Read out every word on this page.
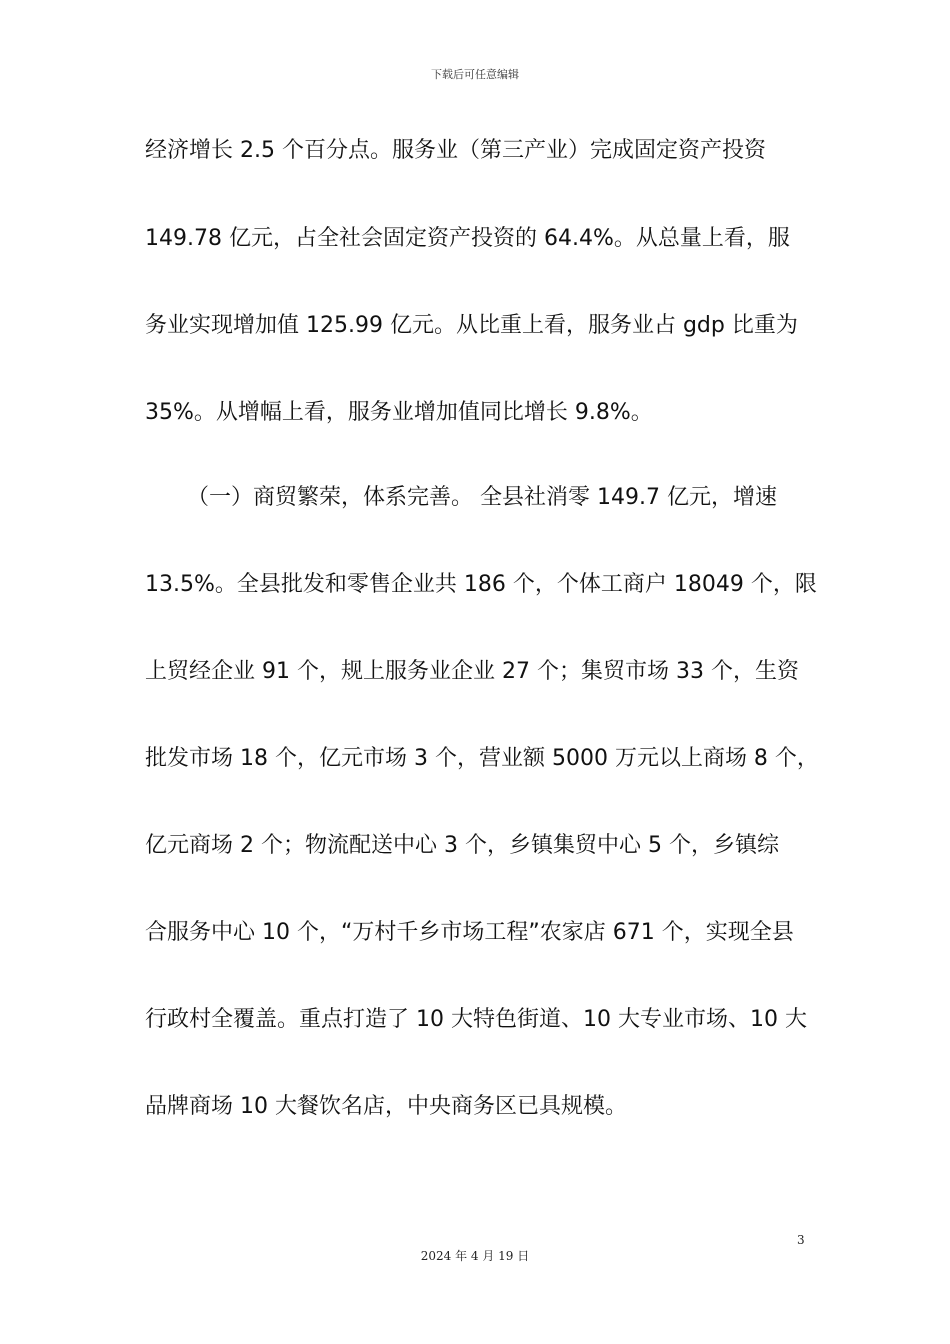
下载后可任意编辑
经济增长 2.5 个百分点。服务业（第三产业）完成固定资产投资
149.78 亿元，占全社会固定资产投资的 64.4%。从总量上看，服
务业实现增加值 125.99 亿元。从比重上看，服务业占 gdp 比重为
35%。从增幅上看，服务业增加值同比增长 9.8%。
（一）商贸繁荣，体系完善。 全县社消零 149.7 亿元，增速
13.5%。全县批发和零售企业共 186 个，个体工商户 18049 个，限
上贸经企业 91 个，规上服务业企业 27 个；集贸市场 33 个，生资
批发市场 18 个，亿元市场 3 个，营业额 5000 万元以上商场 8 个，
亿元商场 2 个；物流配送中心 3 个，乡镇集贸中心 5 个，乡镇综
合服务中心 10 个，“万村千乡市场工程”农家店 671 个，实现全县
行政村全覆盖。重点打造了 10 大特色街道、10 大专业市场、10 大
品牌商场 10 大餐饮名店，中央商务区已具规模。
3
2024 年 4 月 19 日
